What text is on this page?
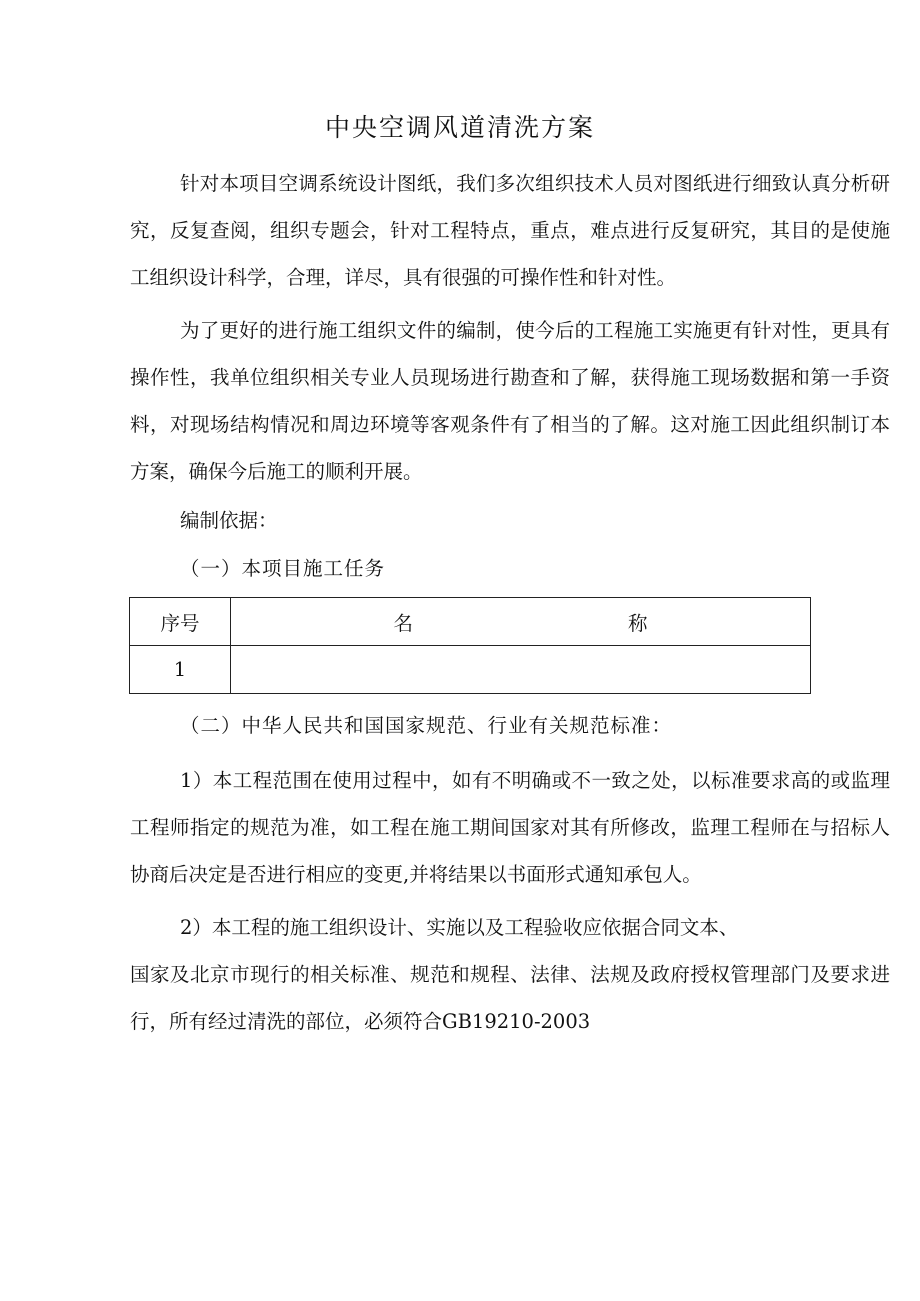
中央空调风道清洗方案

针对本项目空调系统设计图纸，我们多次组织技术人员对图纸进行细致认真分析研究，反复查阅，组织专题会，针对工程特点，重点，难点进行反复研究，其目的是使施工组织设计科学，合理，详尽，具有很强的可操作性和针对性。

为了更好的进行施工组织文件的编制，使今后的工程施工实施更有针对性，更具有操作性，我单位组织相关专业人员现场进行勘查和了解，获得施工现场数据和第一手资料，对现场结构情况和周边环境等客观条件有了相当的了解。这对施工因此组织制订本方案，确保今后施工的顺利开展。

编制依据：
（一）本项目施工任务
序号	名 称
1	
（二）中华人民共和国国家规范、行业有关规范标准：

1）本工程范围在使用过程中，如有不明确或不一致之处，以标准要求高的或监理工程师指定的规范为准，如工程在施工期间国家对其有所修改，监理工程师在与招标人协商后决定是否进行相应的变更,并将结果以书面形式通知承包人。

2）本工程的施工组织设计、实施以及工程验收应依据合同文本、

国家及北京市现行的相关标准、规范和规程、法律、法规及政府授权管理部门及要求进行，所有经过清洗的部位，必须符合GB19210-2003
